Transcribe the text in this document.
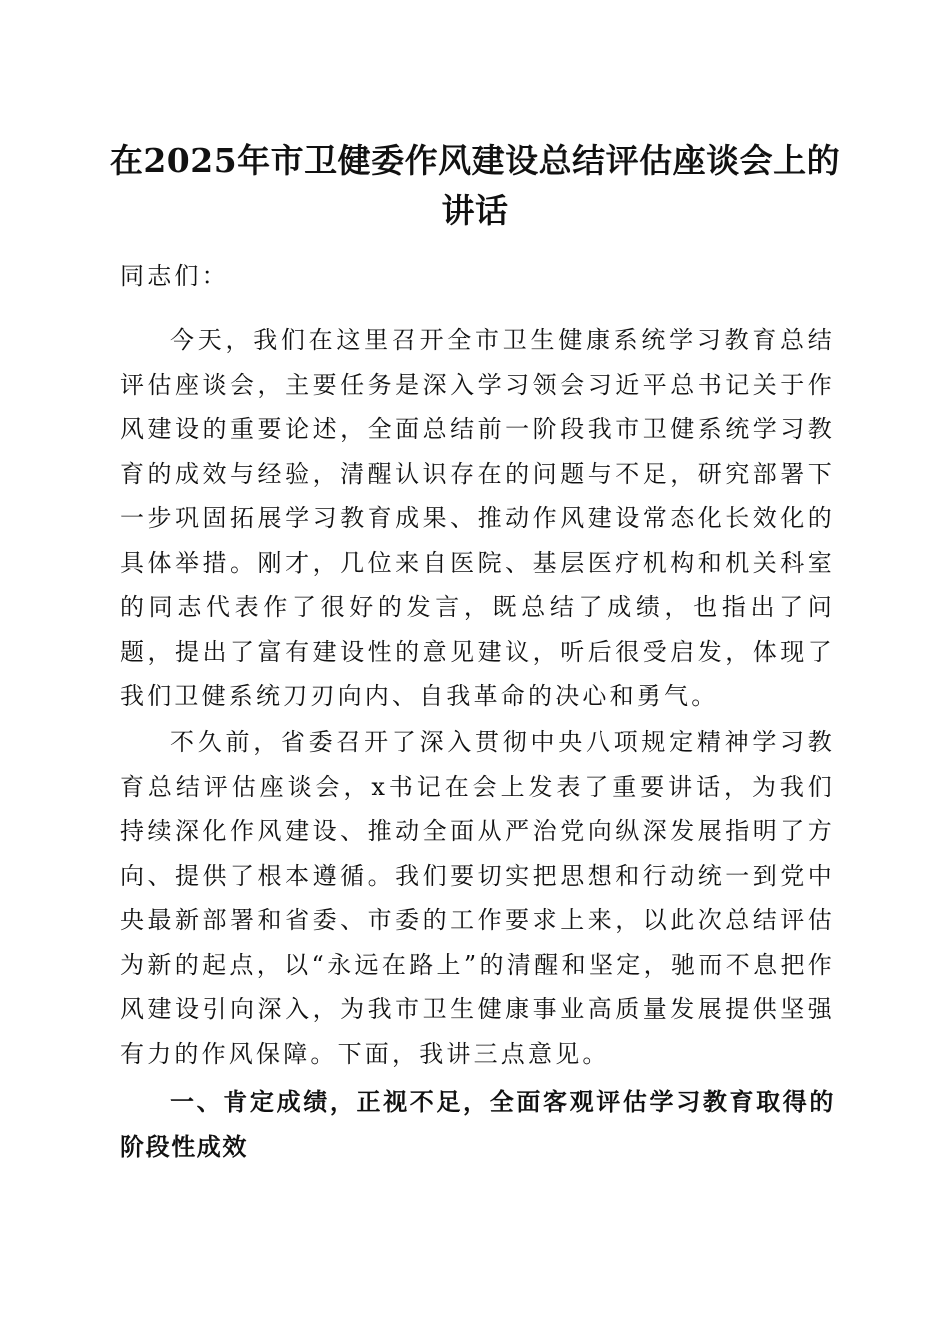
在2025年市卫健委作风建设总结评估座谈会上的讲话

同志们：

今天，我们在这里召开全市卫生健康系统学习教育总结评估座谈会，主要任务是深入学习领会习近平总书记关于作风建设的重要论述，全面总结前一阶段我市卫健系统学习教育的成效与经验，清醒认识存在的问题与不足，研究部署下一步巩固拓展学习教育成果、推动作风建设常态化长效化的具体举措。刚才，几位来自医院、基层医疗机构和机关科室的同志代表作了很好的发言，既总结了成绩，也指出了问题，提出了富有建设性的意见建议，听后很受启发，体现了我们卫健系统刀刃向内、自我革命的决心和勇气。

不久前，省委召开了深入贯彻中央八项规定精神学习教育总结评估座谈会，x书记在会上发表了重要讲话，为我们持续深化作风建设、推动全面从严治党向纵深发展指明了方向、提供了根本遵循。我们要切实把思想和行动统一到党中央最新部署和省委、市委的工作要求上来，以此次总结评估为新的起点，以“永远在路上”的清醒和坚定，驰而不息把作风建设引向深入，为我市卫生健康事业高质量发展提供坚强有力的作风保障。下面，我讲三点意见。

一、肯定成绩，正视不足，全面客观评估学习教育取得的阶段性成效
